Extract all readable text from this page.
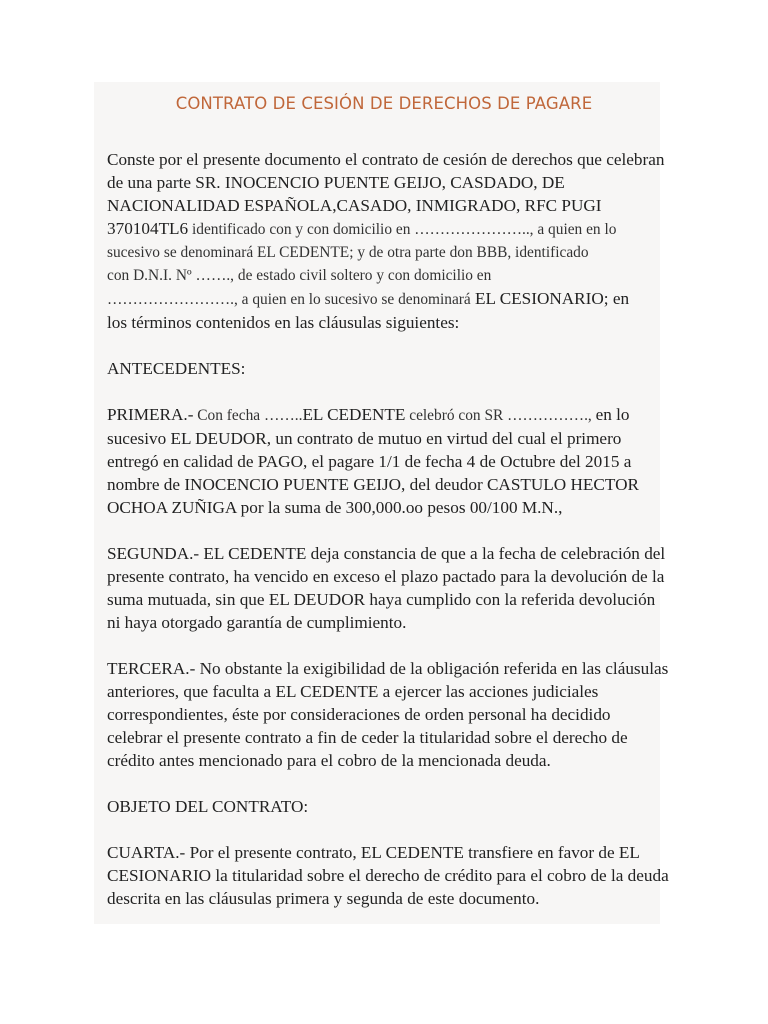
CONTRATO DE CESIÓN DE DERECHOS DE PAGARE

Conste por el presente documento el contrato de cesión de derechos que celebran
de una parte SR. INOCENCIO PUENTE GEIJO, CASDADO, DE
NACIONALIDAD ESPAÑOLA,CASADO, INMIGRADO, RFC PUGI
370104TL6 identificado con y con domicilio en ………………….., a quien en lo
sucesivo se denominará EL CEDENTE; y de otra parte don BBB, identificado
con D.N.I. Nº ……., de estado civil soltero y con domicilio en
……………………., a quien en lo sucesivo se denominará EL CESIONARIO; en
los términos contenidos en las cláusulas siguientes:

ANTECEDENTES:

PRIMERA.- Con fecha ……..EL CEDENTE celebró con SR ……………., en lo
sucesivo EL DEUDOR, un contrato de mutuo en virtud del cual el primero
entregó en calidad de PAGO, el pagare 1/1 de fecha 4 de Octubre del 2015 a
nombre de INOCENCIO PUENTE GEIJO, del deudor CASTULO HECTOR
OCHOA ZUÑIGA por la suma de 300,000.oo pesos 00/100 M.N.,

SEGUNDA.- EL CEDENTE deja constancia de que a la fecha de celebración del
presente contrato, ha vencido en exceso el plazo pactado para la devolución de la
suma mutuada, sin que EL DEUDOR haya cumplido con la referida devolución
ni haya otorgado garantía de cumplimiento.

TERCERA.- No obstante la exigibilidad de la obligación referida en las cláusulas
anteriores, que faculta a EL CEDENTE a ejercer las acciones judiciales
correspondientes, éste por consideraciones de orden personal ha decidido
celebrar el presente contrato a fin de ceder la titularidad sobre el derecho de
crédito antes mencionado para el cobro de la mencionada deuda.

OBJETO DEL CONTRATO:

CUARTA.- Por el presente contrato, EL CEDENTE transfiere en favor de EL
CESIONARIO la titularidad sobre el derecho de crédito para el cobro de la deuda
descrita en las cláusulas primera y segunda de este documento.
